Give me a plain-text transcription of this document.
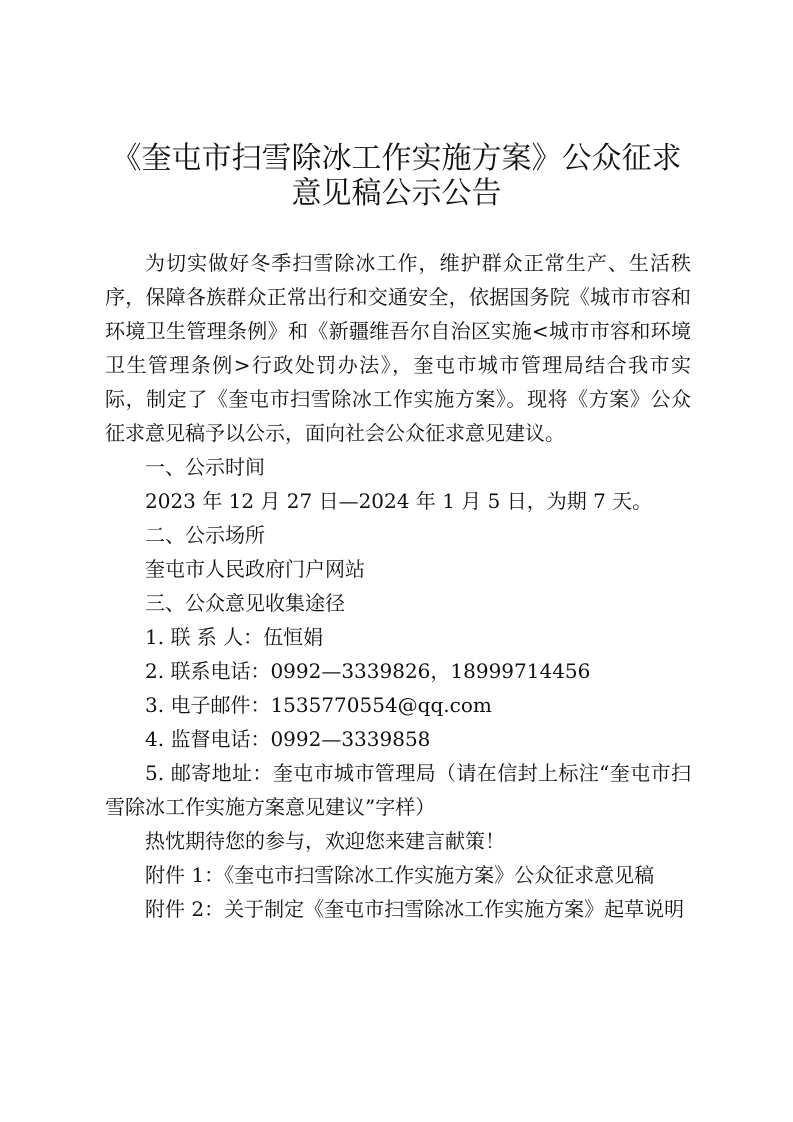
《奎屯市扫雪除冰工作实施方案》公众征求
意见稿公示公告

为切实做好冬季扫雪除冰工作，维护群众正常生产、生活秩序，保障各族群众正常出行和交通安全，依据国务院《城市市容和环境卫生管理条例》和《新疆维吾尔自治区实施<城市市容和环境卫生管理条例>行政处罚办法》，奎屯市城市管理局结合我市实际，制定了《奎屯市扫雪除冰工作实施方案》。现将《方案》公众征求意见稿予以公示，面向社会公众征求意见建议。

一、公示时间

2023 年 12 月 27 日—2024 年 1 月 5 日，为期 7 天。

二、公示场所

奎屯市人民政府门户网站

三、公众意见收集途径

1. 联 系 人：伍恒娟

2. 联系电话：0992—3339826，18999714456

3. 电子邮件：1535770554@qq.com

4. 监督电话：0992—3339858

5. 邮寄地址：奎屯市城市管理局（请在信封上标注“奎屯市扫雪除冰工作实施方案意见建议”字样）

热忱期待您的参与，欢迎您来建言献策！

附件 1：《奎屯市扫雪除冰工作实施方案》公众征求意见稿

附件 2：关于制定《奎屯市扫雪除冰工作实施方案》起草说明
